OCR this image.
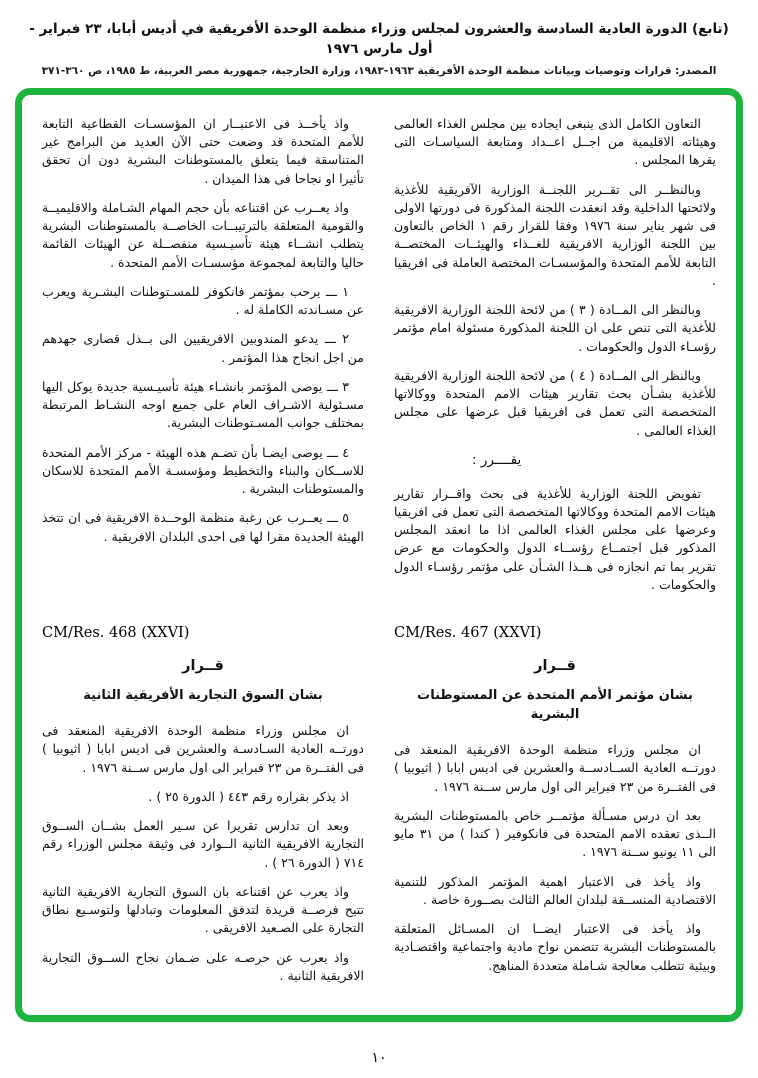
(تابع) الدورة العادية السادسة والعشرون لمجلس وزراء منظمة الوحدة الأفريقية في أديس أبابا، ٢٣ فبراير - أول مارس ١٩٧٦
المصدر: قرارات وتوصيات وبيانات منظمة الوحدة الأفريقية ١٩٦٣-١٩٨٣، وزارة الخارجية، جمهورية مصر العربية، ط ١٩٨٥، ص ٣٦٠-٣٧١

التعاون الكامل الذى ينبغى ايجاده بين مجلس الغذاء العالمى وهيئاته الاقليمية من اجــل اعــداد ومتابعة السياسـات التى يقرها المجلس .

وبالنظــر الى تقــرير اللجنــة الوزارية الآفريقية للأغذية ولائحتها الداخلية وقد انعقدت اللجنة المذكورة فى دورتها الاولى فى شهر يناير سنة ١٩٧٦ وفقا للقرار رقم ١ الخاص بالتعاون بين اللجنة الوزارية الافريقية للغــذاء والهيئــات المختصــة التابعة للأمم المتحدة والمؤسسـات المختصة العاملة فى افريقيا .

وبالنظر الى المــادة ( ٣ ) من لائحة اللجنة الوزارية الافريقية للأغذية التى تنص على ان اللجنة المذكورة مسئولة امام مؤتمر رؤسـاء الدول والحكومات .

وبالنظر الى المــادة ( ٤ ) من لائحة اللجنة الوزارية الافريقية للأغذية بشـأن بحث تقارير هيئات الامم المتحدة ووكالاتها المتخصصة التى تعمل فى افريقيا قبل عرضها على مجلس الغذاء العالمى .

يقــــرر :

تفويض اللجنة الوزارية للأغذية فى بحث واقــرار تقارير هيئات الامم المتحدة ووكالاتها المتخصصة التى تعمل فى افريقيا وعرضها على مجلس الغذاء العالمى اذا ما انعقد المجلس المذكور قبل اجتمــاع رؤســاء الدول والحكومات مع عرض تقرير بما تم انجازه فى هــذا الشـأن على مؤتمر رؤسـاء الدول والحكومات .

CM/Res. 467 (XXVI)
قــرار
بشان مؤتمر الأمم المتحدة عن المستوطنات البشرية

ان مجلس وزراء منظمة الوحدة الافريقية المنعقد فى دورتــه العادية الســادســة والعشرين فى اديس ابابا ( اثيوبيا ) فى الفتــرة من ٢٣ فبراير الى اول مارس ســنة ١٩٧٦ .

بعد ان درس مسـألة مؤتمــر خاص بالمستوطنات البشرية الــذى تعقده الامم المتحدة فى فانكوفير ( كندا ) من ٣١ مايو الى ١١ يونيو ســنة ١٩٧٦ .

واذ يأخذ فى الاعتبار اهمية المؤتمر المذكور للتنمية الاقتصادية المنســقة لبلدان العالم الثالث بصــورة خاصة .

واذ يأخذ فى الاعتبار ايضــا ان المسـائل المتعلقة بالمستوطنات البشرية تتضمن نواح مادية واجتماعية واقتصـادية وبيئية تتطلب معالجة شـاملة متعددة المناهج.

واذ يأخــذ فى الاعتبــار ان المؤسسـات القطاعية التابعة للأمم المتحدة قد وضعت حتى الآن العديد من البرامج غير المتناسقة فيما يتعلق بالمستوطنات البشرية دون ان تحقق تأثيرا او نجاحا فى هذا الميدان .

واذ يعــرب عن اقتناعه بأن حجم المهام الشـاملة والاقليميــة والقومية المتعلقة بالترتيبــات الخاصــة بالمستوطنات البشرية يتطلب انشــاء هيئة تأسيـسية منفصــلة عن الهيئات القائمة حاليا والتابعة لمجموعة مؤسسـات الأمم المتحدة .

١ ـــ يرحب بمؤتمر فانكوفر للمسـتوطنات البشـرية ويعرب عن مسـاندته الكاملة له .

٢ ـــ يدعو المندوبين الافريقيين الى بــذل قصارى جهدهم من اجل انجاح هذا المؤتمر .

٣ ـــ يوصى المؤتمر بانشـاء هيئة تأسيـسية جديدة يوكل اليها مسـئولية الاشـراف العام على جميع اوجه النشـاط المرتبطة بمختلف جوانب المسـتوطنات البشرية.

٤ ـــ يوصى ايضـا بأن تضـم هذه الهيئة - مركز الأمم المتحدة للاســكان والبناء والتخطيط ومؤسسـة الأمم المتحدة للاسكان والمستوطنات البشرية .

٥ ـــ يعــرب عن رغبة منظمة الوحــدة الافريقية فى ان تتخذ الهيئة الجديدة مقرا لها فى احدى البلدان الافريقية .

CM/Res. 468 (XXVI)
قــرار
بشان السوق التجارية الأفريقية الثانية

ان مجلس وزراء منظمة الوحدة الافريقية المنعقد فى دورتــه العادية السـادسـة والعشرين فى اديس ابابا ( اثيوبيا ) فى الفتــرة من ٢٣ فبراير الى اول مارس ســنة ١٩٧٦ .

اذ يذكر بقراره رقم ٤٤٣ ( الدورة ٢٥ ) .

وبعد ان تدارس تقريرا عن سـير العمل بشــان الســوق التجارية الافريقية الثانية الــوارد فى وثيقة مجلس الوزراء رقم ٧١٤ ( الدورة ٢٦ ) .

واذ يعرب عن اقتناعه بان السوق التجارية الافريقية الثانية تتيح فرصــة فريدة لتدفق المعلومات وتبادلها ولتوسـيع نطاق التجارة على الصـعيد الافريقى .

واذ يعرب عن حرصـه على ضـمان نجاح الســوق التجارية الافريقية الثانية .

١٠
